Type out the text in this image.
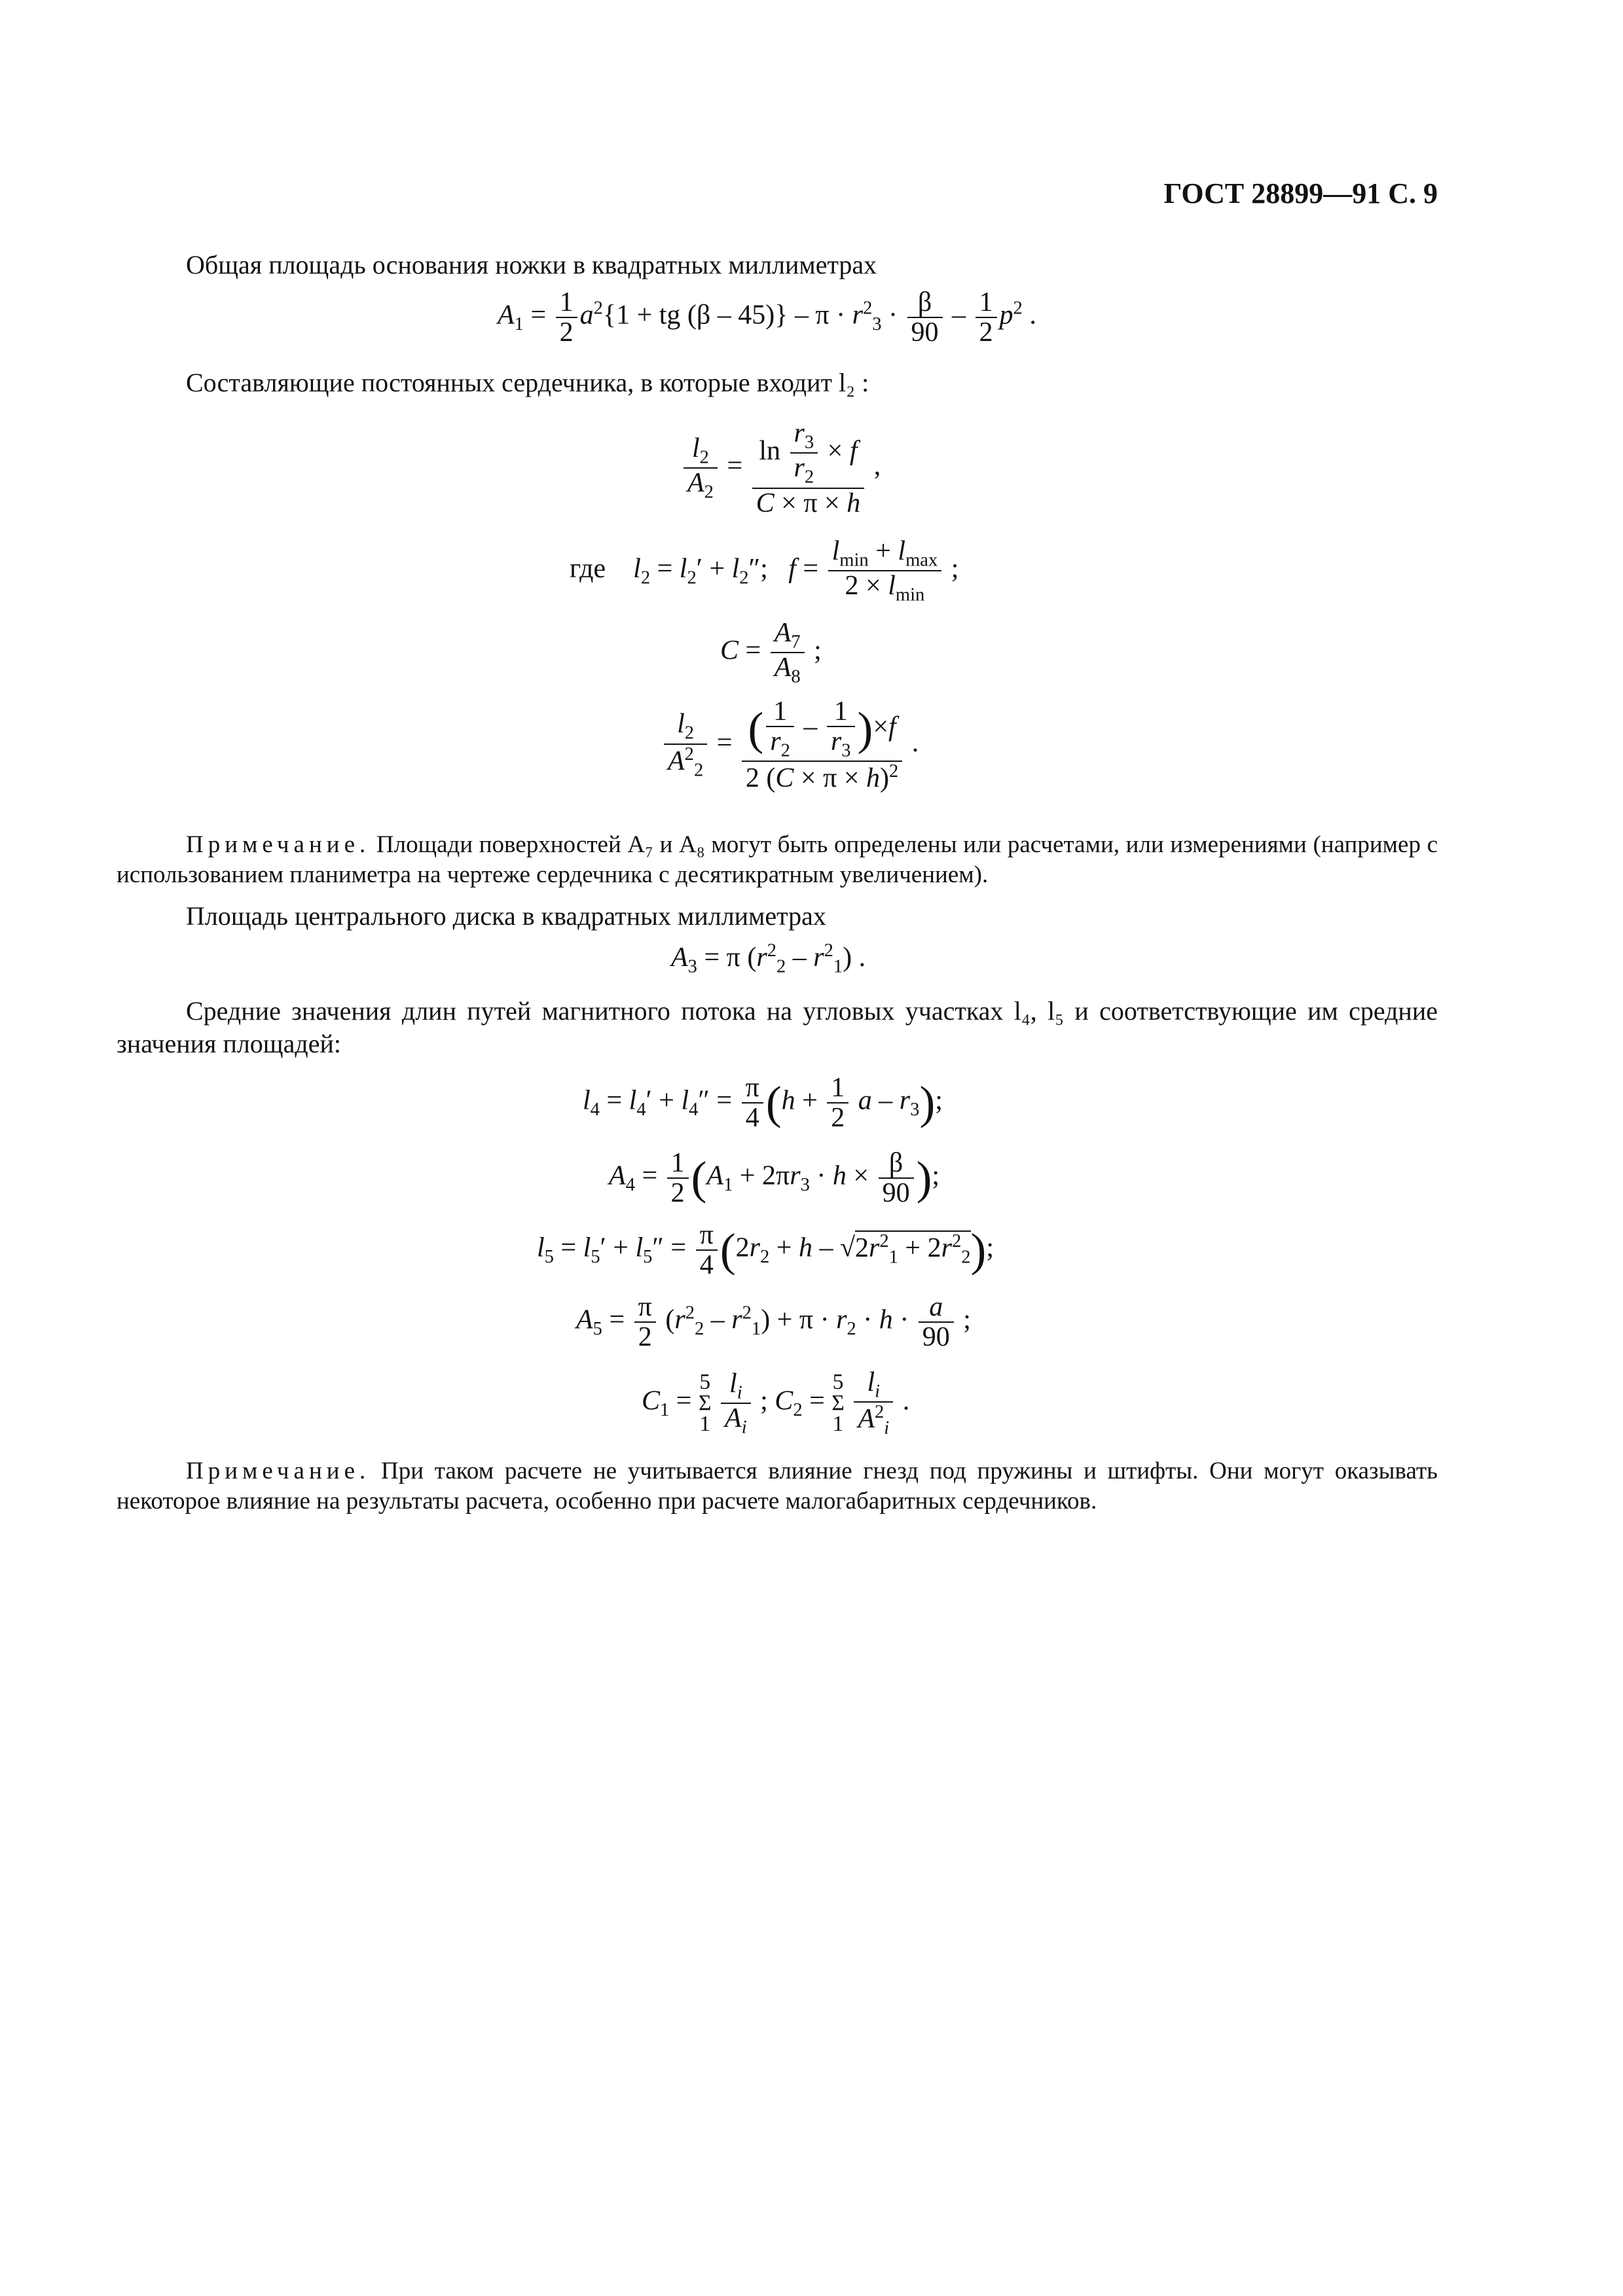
ГОСТ 28899—91 С. 9
Общая площадь основания ножки в квадратных миллиметрах
$A_1 = \frac{1}{2} a^2\{1$ + tg $(\beta - 45)\} - \pi \cdot r^2_3 \cdot \frac{\beta}{90} - \frac{1}{2} p^2$ .
Составляющие постоянных сердечника, в которые входит l₂ :
$\frac{l_2}{A_2} = \frac{\ln \frac{r_3}{r_2} \times f}{C \times \pi \times h}$ ,
где $l_2 = l_2' + l_2''$;   $f = \frac{l_{min} + l_{max}}{2 \times l_{min}}$ ;
$C = \frac{A_7}{A_8}$ ;
$\frac{l_2}{A^2_2} = \frac{( \frac{1}{r_2} - \frac{1}{r_3} )\times f}{2 (C \times \pi \times h)^2}$ .
Примечание. Площади поверхностей A₇ и A₈ могут быть определены или расчетами, или измерениями (например с использованием планиметра на чертеже сердечника с десятикратным увеличением).
Площадь центрального диска в квадратных миллиметрах
$A_3 = \pi$ $(r^2_2 - r^2_1)$ .
Средние значения длин путей магнитного потока на угловых участках l₄, l₅ и соответствующие им средние значения площадей:
$l_4 = l_4' + l_4'' = \frac{\pi}{4} (h + \frac{1}{2}$ a – $r_3$);
$A_4 = \frac{1}{2} (A_1 + 2\pi r_3 \cdot h \times \frac{\beta}{90}$ );
$l_5 = l_5' + l_5'' = \frac{\pi}{4} (2r_2 + h - √2r^2_1 + 2r^2_2)$;
$A_5 = \frac{\pi}{2} (r^2_2 - r^2_1) + \pi \cdot r_2 \cdot h \cdot \frac{a}{90}$ ;
$C_1$ =
5
Σ
1
$\frac{l_i}{A_i}$ ; $C_2$ =
5
Σ
1
$\frac{l_i}{A^2_i}$ .
Примечание. При таком расчете не учитывается влияние гнезд под пружины и штифты. Они могут оказывать некоторое влияние на результаты расчета, особенно при расчете малогабаритных сердечников.
